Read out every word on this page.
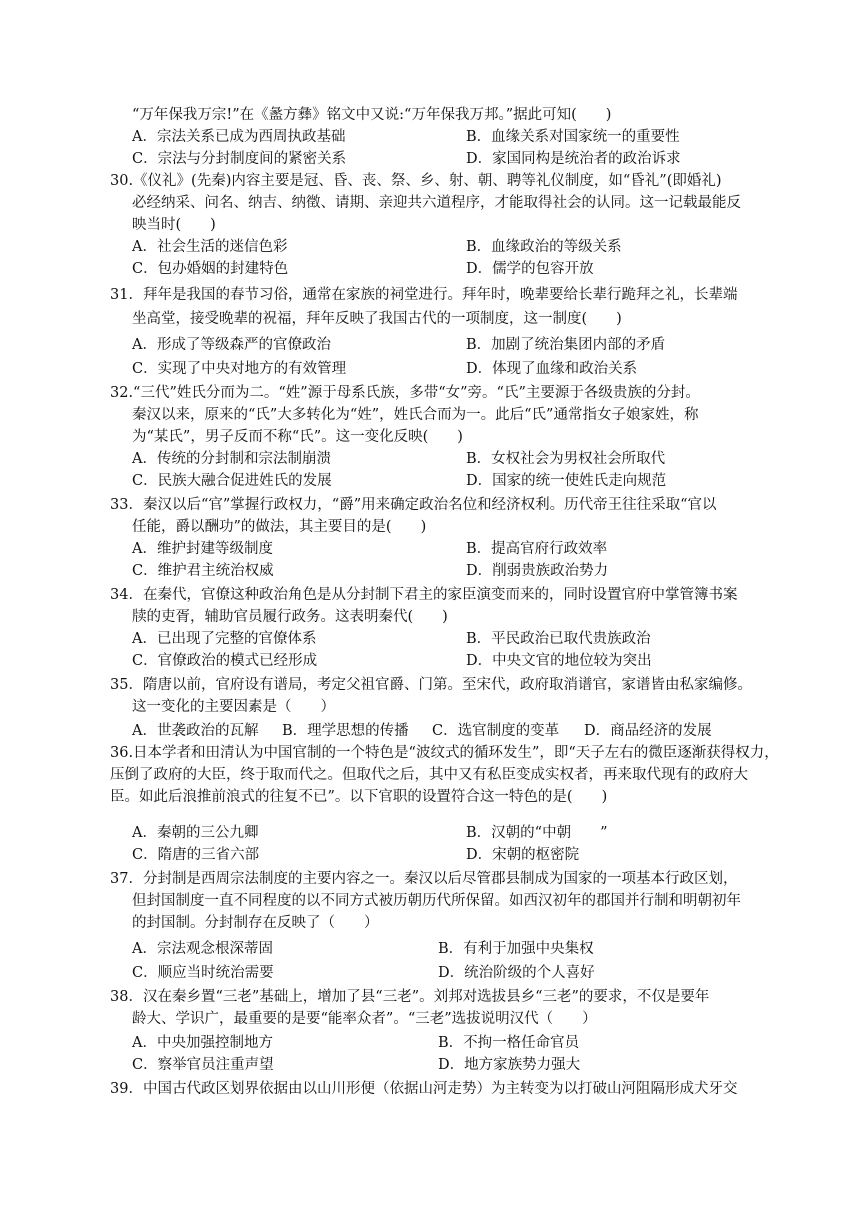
“万年保我万宗!”在《盠方彝》铭文中又说:“万年保我万邦。”据此可知(　　)
A．宗法关系已成为西周执政基础	B．血缘关系对国家统一的重要性
C．宗法与分封制度间的紧密关系	D．家国同构是统治者的政治诉求
30.《仪礼》(先秦)内容主要是冠、昏、丧、祭、乡、射、朝、聘等礼仪制度，如“昏礼”(即婚礼)
必经纳采、问名、纳吉、纳徵、请期、亲迎共六道程序，才能取得社会的认同。这一记载最能反
映当时(　　)
A．社会生活的迷信色彩	B．血缘政治的等级关系
C．包办婚姻的封建特色	D．儒学的包容开放
31．拜年是我国的春节习俗，通常在家族的祠堂进行。拜年时，晚辈要给长辈行跪拜之礼，长辈端
坐高堂，接受晚辈的祝福，拜年反映了我国古代的一项制度，这一制度(　　)
A．形成了等级森严的官僚政治	B．加剧了统治集团内部的矛盾
C．实现了中央对地方的有效管理	D．体现了血缘和政治关系
32.“三代”姓氏分而为二。“姓”源于母系氏族，多带“女”旁。“氏”主要源于各级贵族的分封。
秦汉以来，原来的“氏”大多转化为“姓”，姓氏合而为一。此后“氏”通常指女子娘家姓，称
为“某氏”，男子反而不称“氏”。这一变化反映(　　)
A．传统的分封制和宗法制崩溃	B．女权社会为男权社会所取代
C．民族大融合促进姓氏的发展	D．国家的统一使姓氏走向规范
33．秦汉以后“官”掌握行政权力，“爵”用来确定政治名位和经济权利。历代帝王往往采取“官以
任能，爵以酬功”的做法，其主要目的是(　　)
A．维护封建等级制度	B．提高官府行政效率
C．维护君主统治权威	D．削弱贵族政治势力
34．在秦代，官僚这种政治角色是从分封制下君主的家臣演变而来的，同时设置官府中掌管簿书案
牍的吏胥，辅助官员履行政务。这表明秦代(　　)
A．已出现了完整的官僚体系	B．平民政治已取代贵族政治
C．官僚政治的模式已经形成	D．中央文官的地位较为突出
35．隋唐以前，官府设有谱局，考定父祖官爵、门第。至宋代，政府取消谱官，家谱皆由私家编修。
这一变化的主要因素是（　　）
A．世袭政治的瓦解 B．理学思想的传播 C．选官制度的变革 D．商品经济的发展
36.日本学者和田清认为中国官制的一个特色是“波纹式的循环发生”，即“天子左右的微臣逐渐获得权力，
压倒了政府的大臣，终于取而代之。但取代之后，其中又有私臣变成实权者，再来取代现有的政府大
臣。如此后浪推前浪式的往复不已”。以下官职的设置符合这一特色的是(　　)
A．秦朝的三公九卿	B．汉朝的“中朝　　”
C．隋唐的三省六部	D．宋朝的枢密院
37．分封制是西周宗法制度的主要内容之一。秦汉以后尽管郡县制成为国家的一项基本行政区划，
但封国制度一直不同程度的以不同方式被历朝历代所保留。如西汉初年的郡国并行制和明朝初年
的封国制。分封制存在反映了（　　）
A．宗法观念根深蒂固	B．有利于加强中央集权
C．顺应当时统治需要	D．统治阶级的个人喜好
38．汉在秦乡置“三老”基础上，增加了县“三老”。刘邦对选拔县乡“三老”的要求，不仅是要年
龄大、学识广，最重要的是要“能率众者”。“三老”选拔说明汉代（　　）
A．中央加强控制地方	B．不拘一格任命官员
C．察举官员注重声望	D．地方家族势力强大
39．中国古代政区划界依据由以山川形便（依据山河走势）为主转变为以打破山河阻隔形成犬牙交
